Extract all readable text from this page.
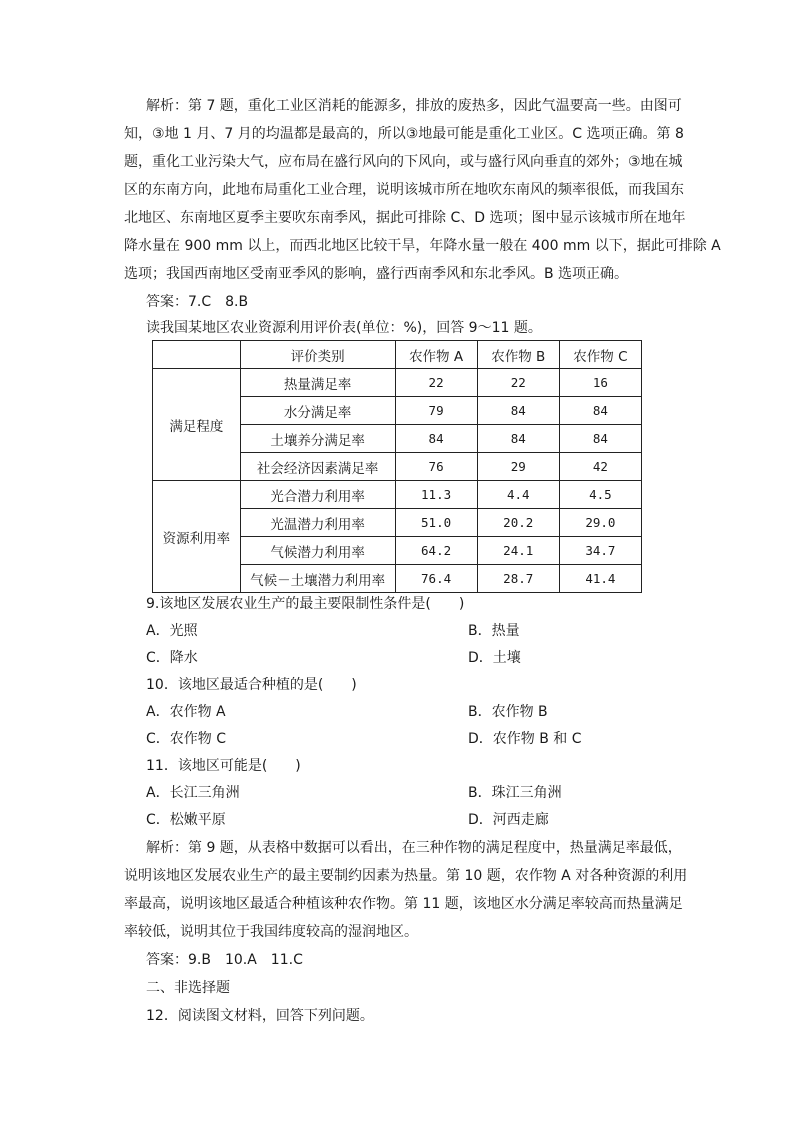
解析：第 7 题，重化工业区消耗的能源多，排放的废热多，因此气温要高一些。由图可
知，③地 1 月、7 月的均温都是最高的，所以③地最可能是重化工业区。C 选项正确。第 8
题，重化工业污染大气，应布局在盛行风向的下风向，或与盛行风向垂直的郊外；③地在城
区的东南方向，此地布局重化工业合理，说明该城市所在地吹东南风的频率很低，而我国东
北地区、东南地区夏季主要吹东南季风，据此可排除 C、D 选项；图中显示该城市所在地年
降水量在 900 mm 以上，而西北地区比较干旱，年降水量一般在 400 mm 以下，据此可排除 A
选项；我国西南地区受南亚季风的影响，盛行西南季风和东北季风。B 选项正确。
答案：7.C　8.B
读我国某地区农业资源利用评价表(单位：%)，回答 9～11 题。
	评价类别	农作物 A	农作物 B	农作物 C
满足程度	热量满足率	22	22	16
	水分满足率	79	84	84
	土壤养分满足率	84	84	84
	社会经济因素满足率	76	29	42
资源利用率	光合潜力利用率	11.3	4.4	4.5
	光温潜力利用率	51.0	20.2	29.0
	气候潜力利用率	64.2	24.1	34.7
	气候－土壤潜力利用率	76.4	28.7	41.4
9.该地区发展农业生产的最主要限制性条件是(　　)
A．光照	B．热量
C．降水	D．土壤
10．该地区最适合种植的是(　　)
A．农作物 A	B．农作物 B
C．农作物 C	D．农作物 B 和 C
11．该地区可能是(　　)
A．长江三角洲	B．珠江三角洲
C．松嫩平原	D．河西走廊
解析：第 9 题，从表格中数据可以看出，在三种作物的满足程度中，热量满足率最低，
说明该地区发展农业生产的最主要制约因素为热量。第 10 题，农作物 A 对各种资源的利用
率最高，说明该地区最适合种植该种农作物。第 11 题，该地区水分满足率较高而热量满足
率较低，说明其位于我国纬度较高的湿润地区。
答案：9.B　10.A　11.C
二、非选择题
12．阅读图文材料，回答下列问题。
